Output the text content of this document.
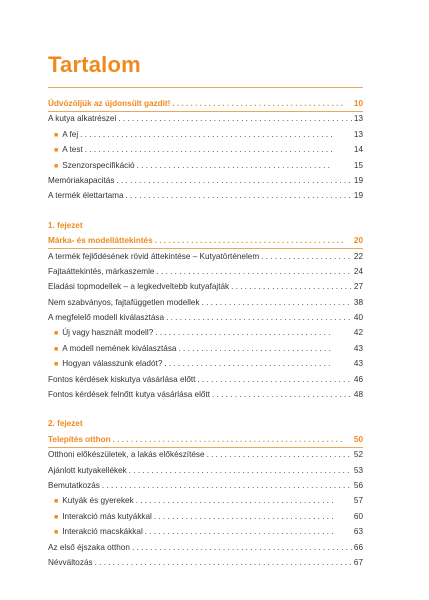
Tartalom
Üdvözöljük az újdonsült gazdit! . . .	10
A kutya alkatrészei . . .	13
■ A fej . . .	13
■ A test . . .	14
■ Szenzorspecifikáció . . .	15
Memóriakapacitás . . .	19
A termék élettartama . . .	19
1. fejezet
Márka- és modelláttekintés . . .	20
A termék fejlődésének rövid áttekintése – Kutyatörténelem . . .	22
Fajtaáttekintés, márkaszemle . . .	24
Eladási topmodellek – a legkedveltebb kutyafajták . . .	27
Nem szabványos, fajtafüggetlen modellek . . .	38
A megfelelő modell kiválasztása . . .	40
■ Új vagy használt modell? . . .	42
■ A modell nemének kiválasztása . . .	43
■ Hogyan válasszunk eladót? . . .	43
Fontos kérdések kiskutya vásárlása előtt . . .	46
Fontos kérdések felnőtt kutya vásárlása előtt . . .	48
2. fejezet
Telepítés otthon . . .	50
Otthoni előkészületek, a lakás előkészítése . . .	52
Ajánlott kutyakellékek . . .	53
Bemutatkozás . . .	56
■ Kutyák és gyerekek . . .	57
■ Interakció más kutyákkal . . .	60
■ Interakció macskákkal . . .	63
Az első éjszaka otthon . . .	66
Névváltozás . . .	67
